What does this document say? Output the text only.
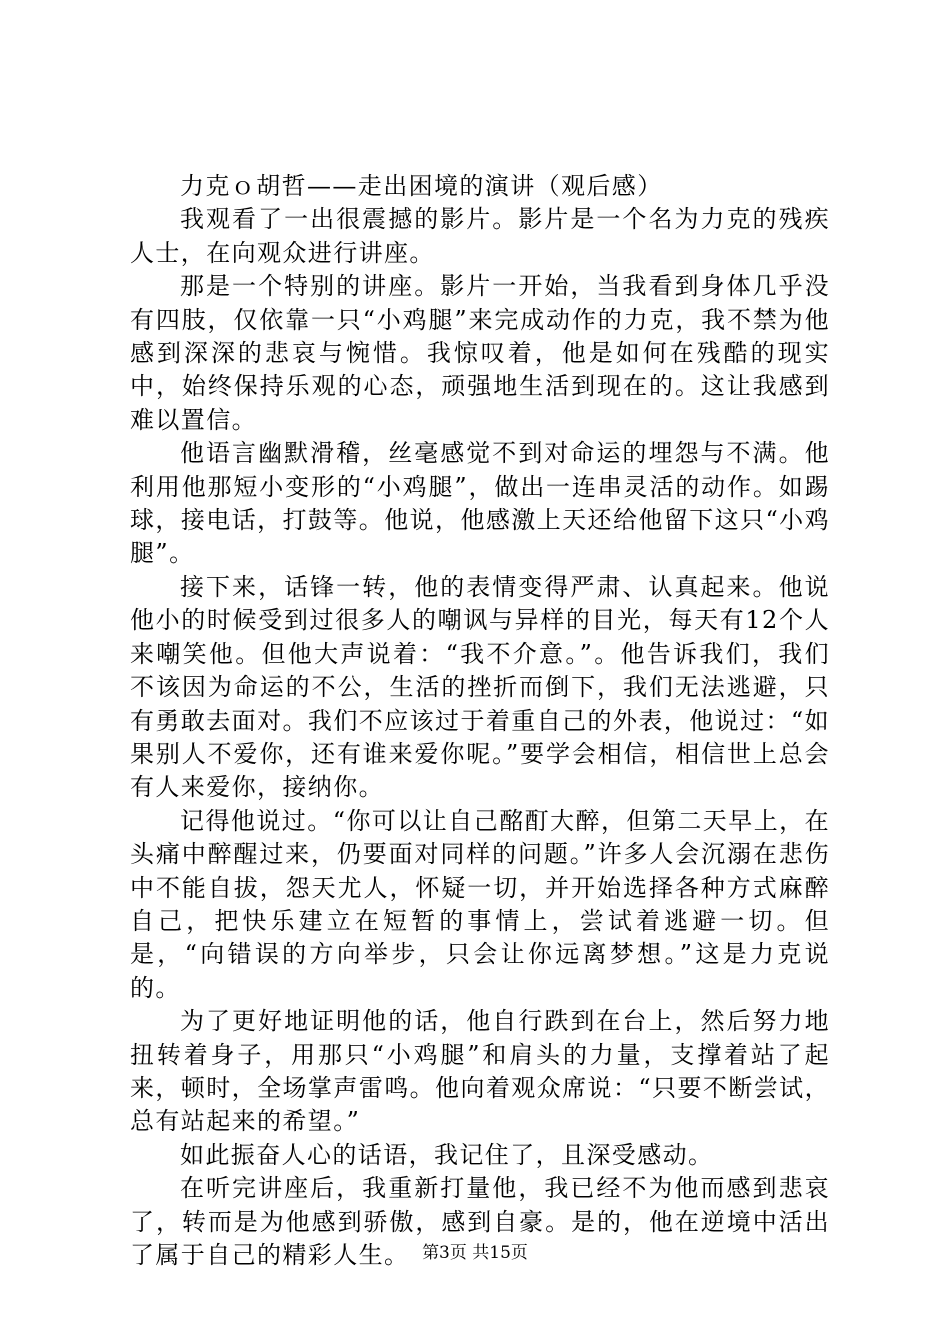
力克ｏ胡哲——走出困境的演讲（观后感）

我观看了一出很震撼的影片。影片是一个名为力克的残疾人士，在向观众进行讲座。

那是一个特别的讲座。影片一开始，当我看到身体几乎没有四肢，仅依靠一只“小鸡腿”来完成动作的力克，我不禁为他感到深深的悲哀与惋惜。我惊叹着，他是如何在残酷的现实中，始终保持乐观的心态，顽强地生活到现在的。这让我感到难以置信。

他语言幽默滑稽，丝毫感觉不到对命运的埋怨与不满。他利用他那短小变形的“小鸡腿”，做出一连串灵活的动作。如踢球，接电话，打鼓等。他说，他感激上天还给他留下这只“小鸡腿”。

接下来，话锋一转，他的表情变得严肃、认真起来。他说他小的时候受到过很多人的嘲讽与异样的目光，每天有12个人来嘲笑他。但他大声说着：“我不介意。”。他告诉我们，我们不该因为命运的不公，生活的挫折而倒下，我们无法逃避，只有勇敢去面对。我们不应该过于着重自己的外表，他说过：“如果别人不爱你，还有谁来爱你呢。”要学会相信，相信世上总会有人来爱你，接纳你。

记得他说过。“你可以让自己酩酊大醉，但第二天早上，在头痛中醉醒过来，仍要面对同样的问题。”许多人会沉溺在悲伤中不能自拔，怨天尤人，怀疑一切，并开始选择各种方式麻醉自己，把快乐建立在短暂的事情上，尝试着逃避一切。但是，“向错误的方向举步，只会让你远离梦想。”这是力克说的。

为了更好地证明他的话，他自行跌到在台上，然后努力地扭转着身子，用那只“小鸡腿”和肩头的力量，支撑着站了起来，顿时，全场掌声雷鸣。他向着观众席说：“只要不断尝试，总有站起来的希望。”

如此振奋人心的话语，我记住了，且深受感动。

在听完讲座后，我重新打量他，我已经不为他而感到悲哀了，转而是为他感到骄傲，感到自豪。是的，他在逆境中活出了属于自己的精彩人生。 第3页 共15页
